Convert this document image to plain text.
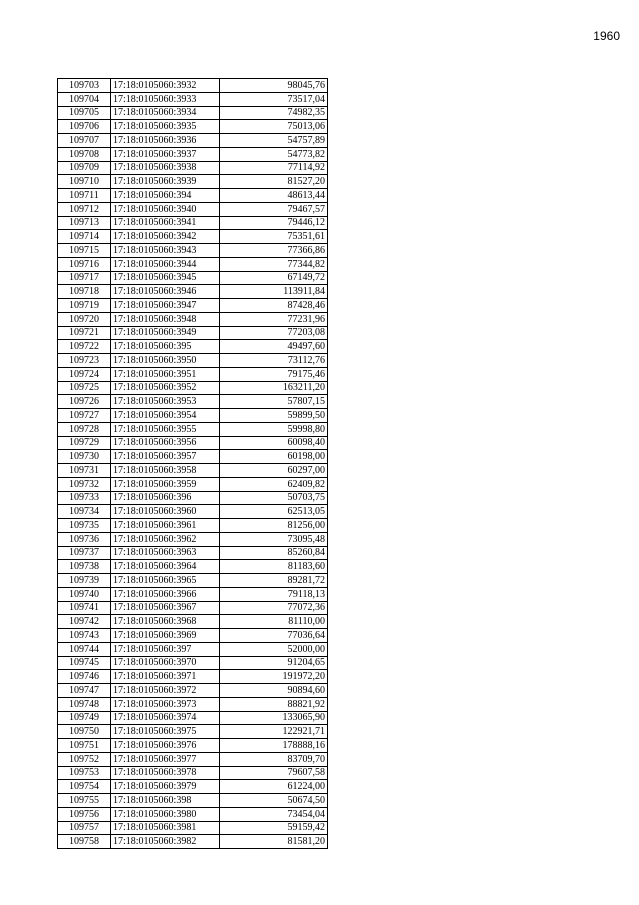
1960
109703	17:18:0105060:3932	98045,76
109704	17:18:0105060:3933	73517,04
109705	17:18:0105060:3934	74982,35
109706	17:18:0105060:3935	75013,06
109707	17:18:0105060:3936	54757,89
109708	17:18:0105060:3937	54773,82
109709	17:18:0105060:3938	77114,92
109710	17:18:0105060:3939	81527,20
109711	17:18:0105060:394	48613,44
109712	17:18:0105060:3940	79467,57
109713	17:18:0105060:3941	79446,12
109714	17:18:0105060:3942	75351,61
109715	17:18:0105060:3943	77366,86
109716	17:18:0105060:3944	77344,82
109717	17:18:0105060:3945	67149,72
109718	17:18:0105060:3946	113911,84
109719	17:18:0105060:3947	87428,46
109720	17:18:0105060:3948	77231,96
109721	17:18:0105060:3949	77203,08
109722	17:18:0105060:395	49497,60
109723	17:18:0105060:3950	73112,76
109724	17:18:0105060:3951	79175,46
109725	17:18:0105060:3952	163211,20
109726	17:18:0105060:3953	57807,15
109727	17:18:0105060:3954	59899,50
109728	17:18:0105060:3955	59998,80
109729	17:18:0105060:3956	60098,40
109730	17:18:0105060:3957	60198,00
109731	17:18:0105060:3958	60297,00
109732	17:18:0105060:3959	62409,82
109733	17:18:0105060:396	50703,75
109734	17:18:0105060:3960	62513,05
109735	17:18:0105060:3961	81256,00
109736	17:18:0105060:3962	73095,48
109737	17:18:0105060:3963	85260,84
109738	17:18:0105060:3964	81183,60
109739	17:18:0105060:3965	89281,72
109740	17:18:0105060:3966	79118,13
109741	17:18:0105060:3967	77072,36
109742	17:18:0105060:3968	81110,00
109743	17:18:0105060:3969	77036,64
109744	17:18:0105060:397	52000,00
109745	17:18:0105060:3970	91204,65
109746	17:18:0105060:3971	191972,20
109747	17:18:0105060:3972	90894,60
109748	17:18:0105060:3973	88821,92
109749	17:18:0105060:3974	133065,90
109750	17:18:0105060:3975	122921,71
109751	17:18:0105060:3976	178888,16
109752	17:18:0105060:3977	83709,70
109753	17:18:0105060:3978	79607,58
109754	17:18:0105060:3979	61224,00
109755	17:18:0105060:398	50674,50
109756	17:18:0105060:3980	73454,04
109757	17:18:0105060:3981	59159,42
109758	17:18:0105060:3982	81581,20
